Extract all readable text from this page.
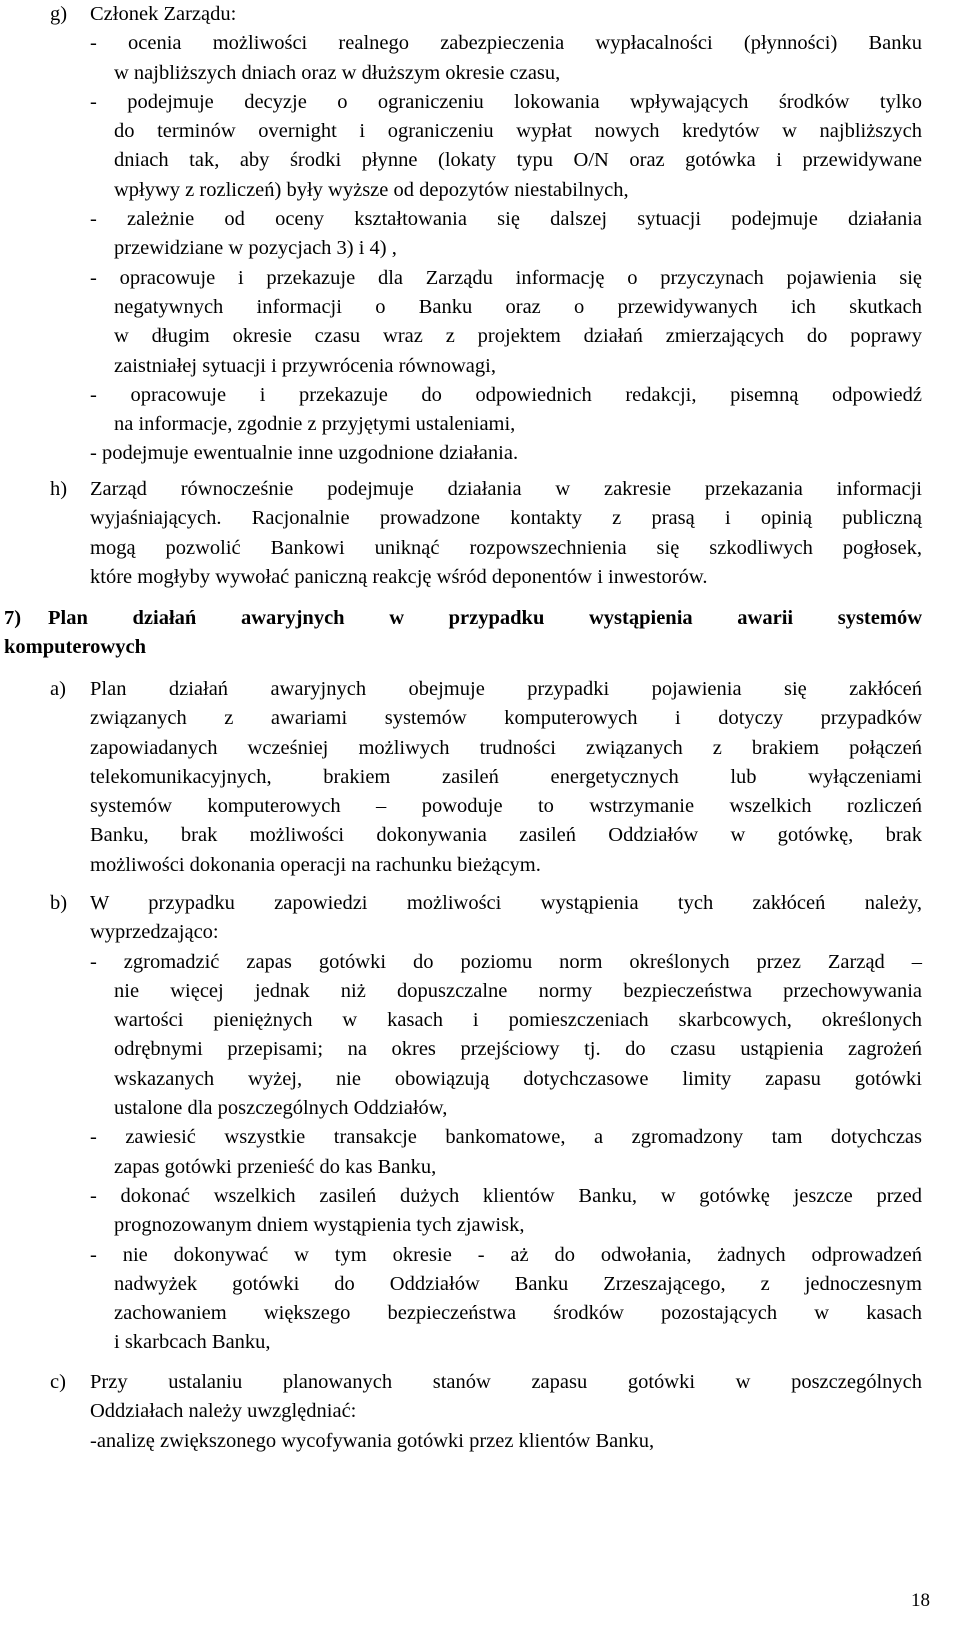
g) Członek Zarządu:
- ocenia możliwości realnego zabezpieczenia wypłacalności (płynności) Banku
w najbliższych dniach oraz w dłuższym okresie czasu,
- podejmuje decyzje o ograniczeniu lokowania wpływających środków tylko
do terminów overnight i ograniczeniu wypłat nowych kredytów w najbliższych
dniach tak, aby środki płynne (lokaty typu O/N oraz gotówka i przewidywane
wpływy z rozliczeń) były wyższe od depozytów niestabilnych,
- zależnie od oceny kształtowania się dalszej sytuacji podejmuje działania
przewidziane w pozycjach 3) i 4) ,
- opracowuje i przekazuje dla Zarządu informację o przyczynach pojawienia się
negatywnych informacji o Banku oraz o przewidywanych ich skutkach
w długim okresie czasu wraz z projektem działań zmierzających do poprawy
zaistniałej sytuacji i przywrócenia równowagi,
- opracowuje i przekazuje do odpowiednich redakcji, pisemną odpowiedź
na informacje, zgodnie z przyjętymi ustaleniami,
- podejmuje ewentualnie inne uzgodnione działania.
h) Zarząd równocześnie podejmuje działania w zakresie przekazania informacji
wyjaśniających. Racjonalnie prowadzone kontakty z prasą i opinią publiczną
mogą pozwolić Bankowi uniknąć rozpowszechnienia się szkodliwych pogłosek,
które mogłyby wywołać paniczną reakcję wśród deponentów i inwestorów.
7) Plan działań awaryjnych w przypadku wystąpienia awarii systemów
komputerowych
a) Plan działań awaryjnych obejmuje przypadki pojawienia się zakłóceń
związanych z awariami systemów komputerowych i dotyczy przypadków
zapowiadanych wcześniej możliwych trudności związanych z brakiem połączeń
telekomunikacyjnych, brakiem zasileń energetycznych lub wyłączeniami
systemów komputerowych – powoduje to wstrzymanie wszelkich rozliczeń
Banku, brak możliwości dokonywania zasileń Oddziałów w gotówkę, brak
możliwości dokonania operacji na rachunku bieżącym.
b) W przypadku zapowiedzi możliwości wystąpienia tych zakłóceń należy,
wyprzedzająco:
- zgromadzić zapas gotówki do poziomu norm określonych przez Zarząd –
nie więcej jednak niż dopuszczalne normy bezpieczeństwa przechowywania
wartości pieniężnych w kasach i pomieszczeniach skarbcowych, określonych
odrębnymi przepisami; na okres przejściowy tj. do czasu ustąpienia zagrożeń
wskazanych wyżej, nie obowiązują dotychczasowe limity zapasu gotówki
ustalone dla poszczególnych Oddziałów,
- zawiesić wszystkie transakcje bankomatowe, a zgromadzony tam dotychczas
zapas gotówki przenieść do kas Banku,
- dokonać wszelkich zasileń dużych klientów Banku, w gotówkę jeszcze przed
prognozowanym dniem wystąpienia tych zjawisk,
- nie dokonywać w tym okresie - aż do odwołania, żadnych odprowadzeń
nadwyżek gotówki do Oddziałów Banku Zrzeszającego, z jednoczesnym
zachowaniem większego bezpieczeństwa środków pozostających w kasach
i skarbcach Banku,
c) Przy ustalaniu planowanych stanów zapasu gotówki w poszczególnych
Oddziałach należy uwzględniać:
-analizę zwiększonego wycofywania gotówki przez klientów Banku,
18
